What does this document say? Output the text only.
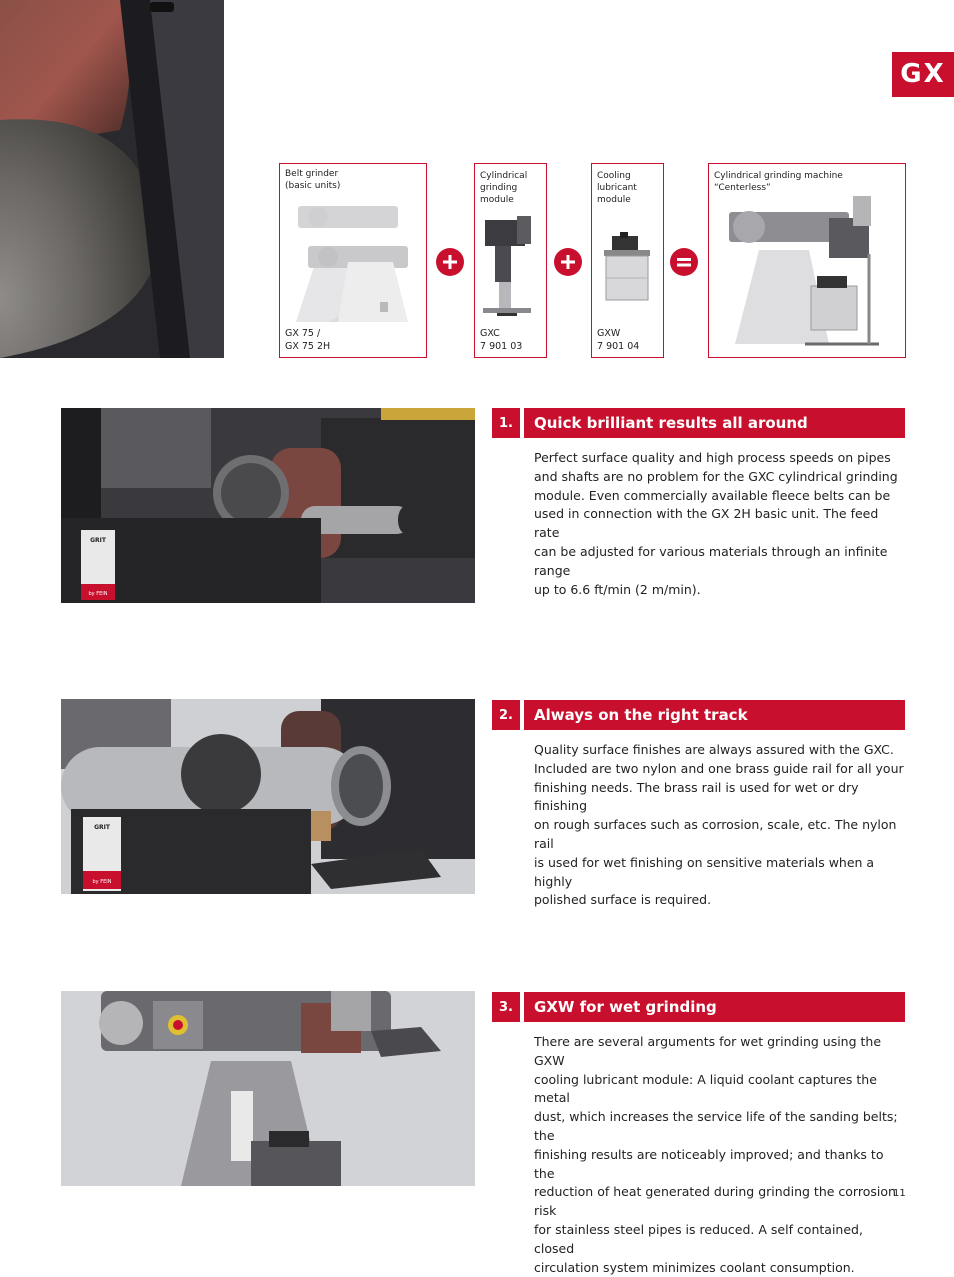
GX
Belt grinder
(basic units)
GX 75 /
GX 75 2H
Cylindrical
grinding
module
GXC
7 901 03
Cooling
lubricant
module
GXW
7 901 04
Cylindrical grinding machine
“Centerless”
GRIT
by FEIN
1.	Quick brilliant results all around
Perfect surface quality and high process speeds on pipes
and shafts are no problem for the GXC cylindrical grinding
module. Even commercially available fleece belts can be
used in connection with the GX 2H basic unit. The feed rate
can be adjusted for various materials through an infinite range
up to 6.6 ft/min (2 m/min).
GRIT
by FEIN
2.	Always on the right track
Quality surface finishes are always assured with the GXC.
Included are two nylon and one brass guide rail for all your
finishing needs. The brass rail is used for wet or dry finishing
on rough surfaces such as corrosion, scale, etc. The nylon rail
is used for wet finishing on sensitive materials when a highly
polished surface is required.
3.	GXW for wet grinding
There are several arguments for wet grinding using the GXW
cooling lubricant module: A liquid coolant captures the metal
dust, which increases the service life of the sanding belts; the
finishing results are noticeably improved; and thanks to the
reduction of heat generated during grinding the corrosion risk
for stainless steel pipes is reduced. A self contained, closed
circulation system minimizes coolant consumption.
11
